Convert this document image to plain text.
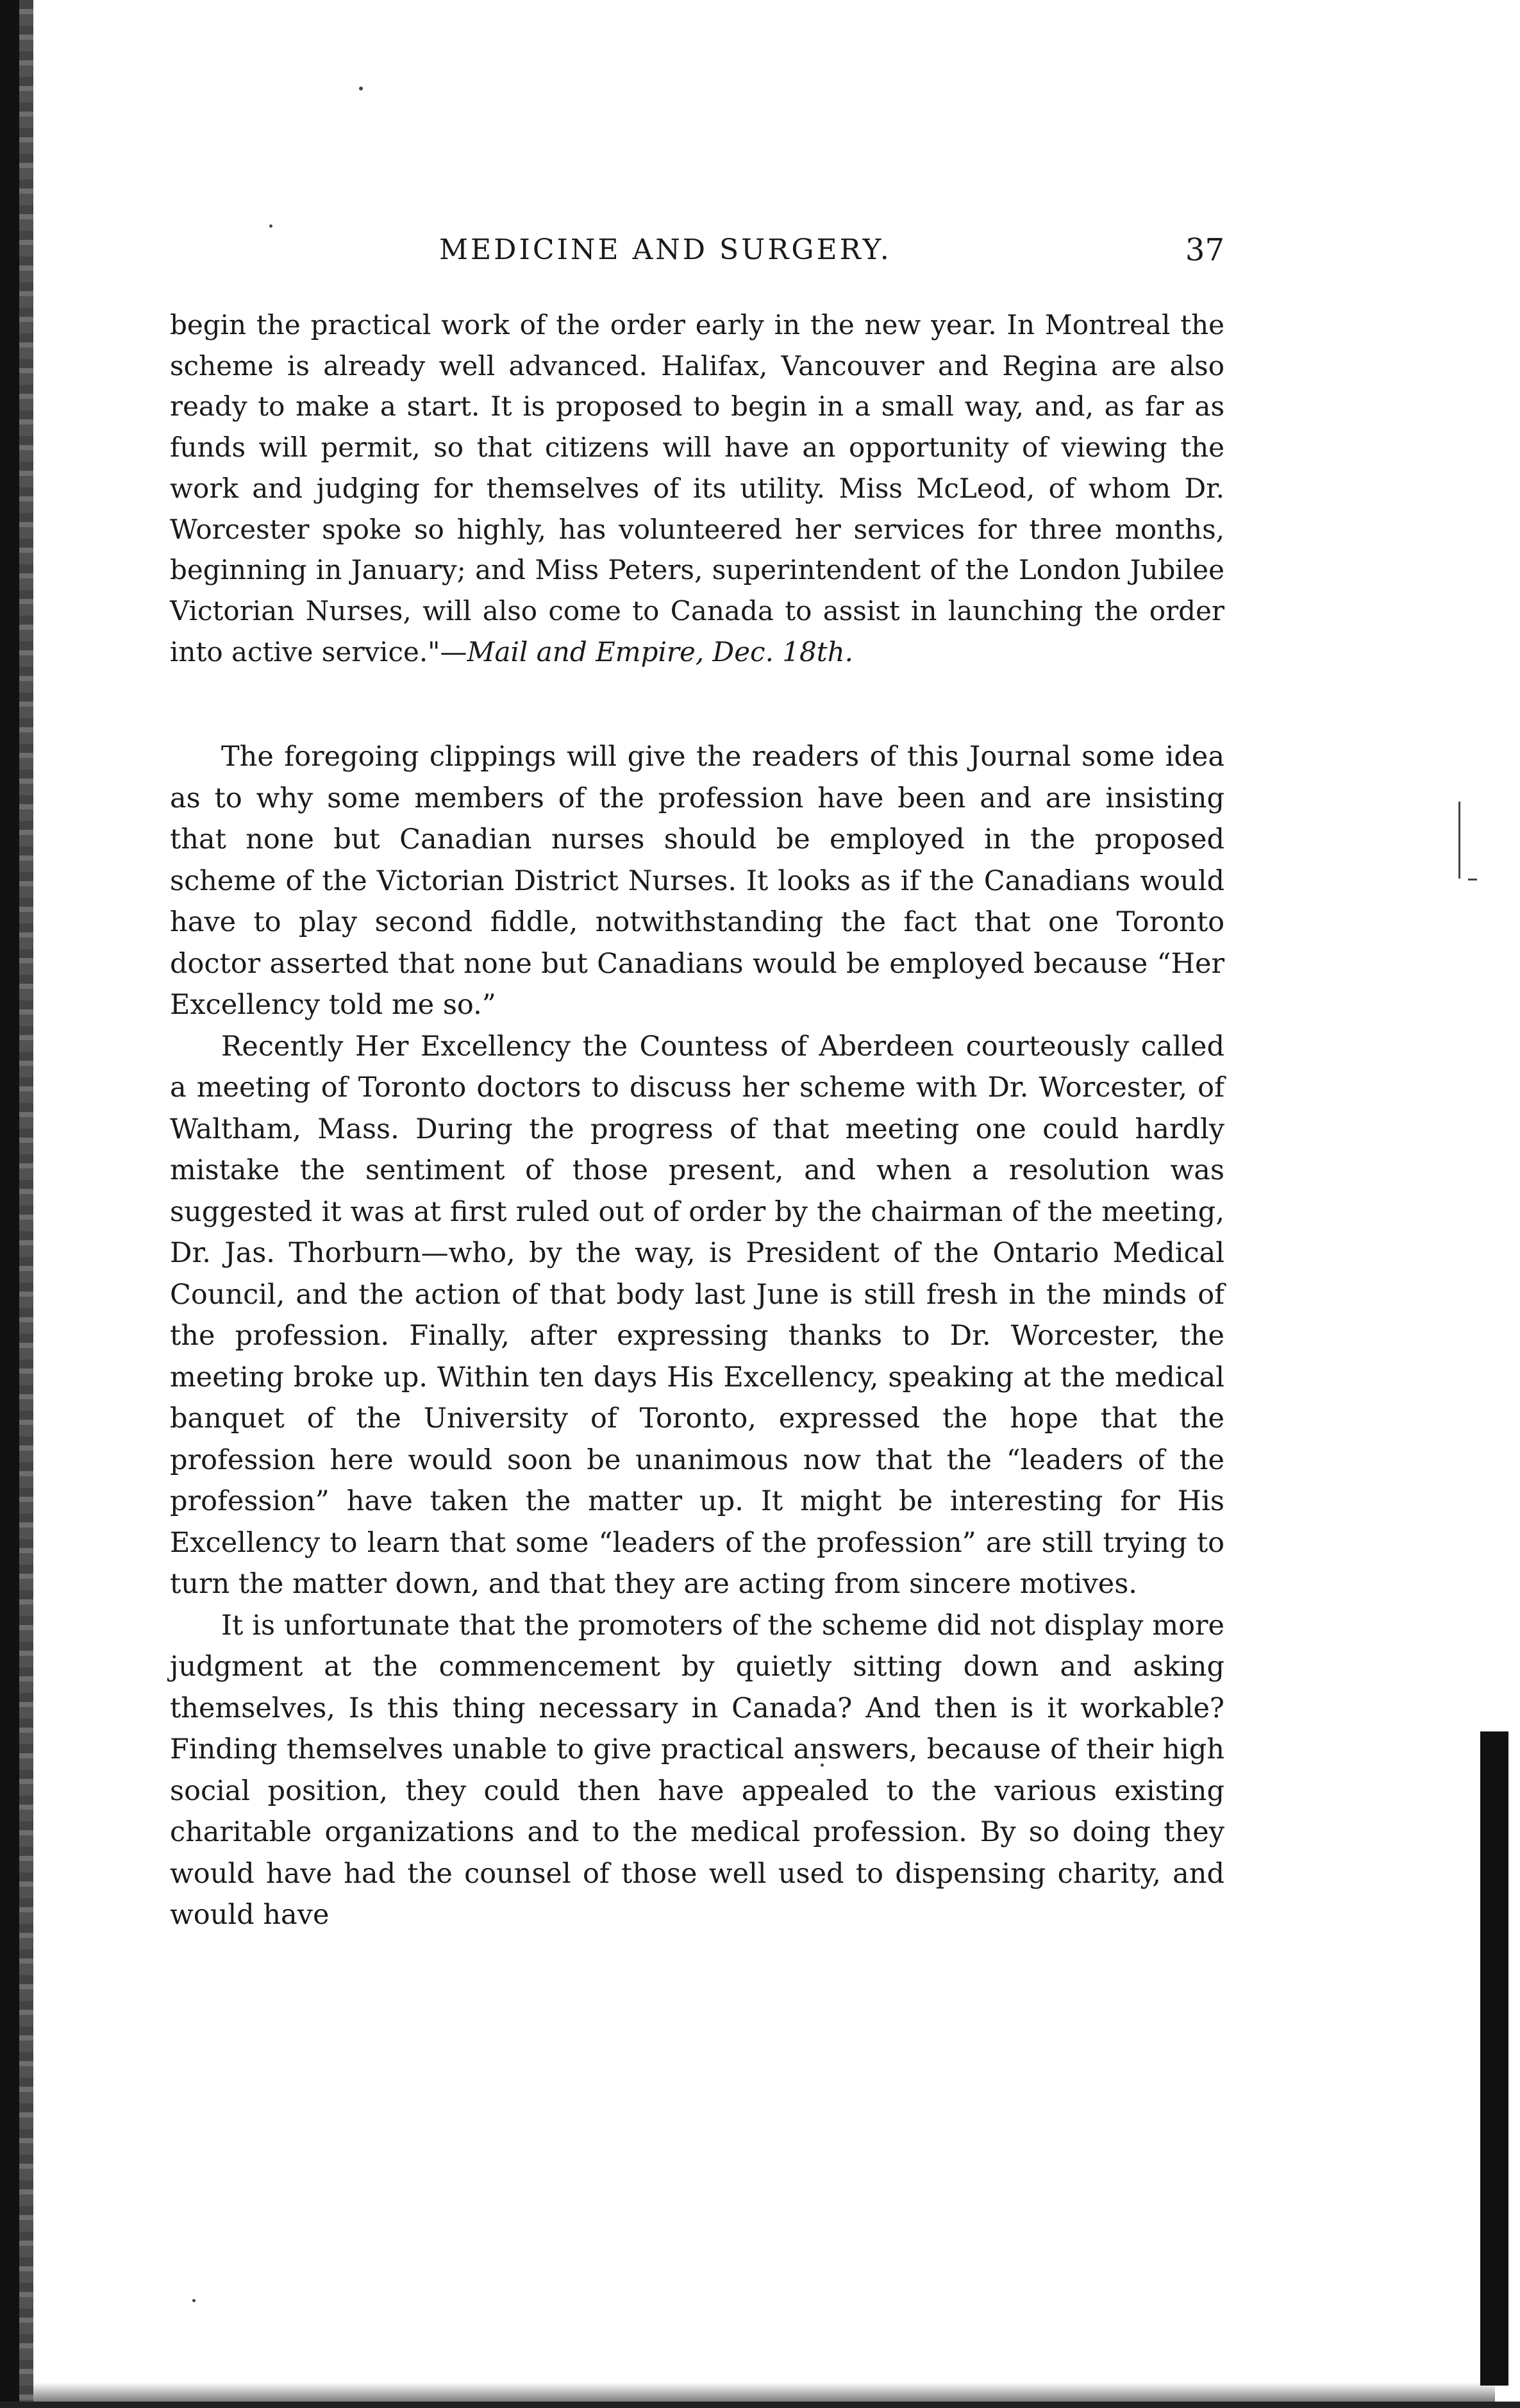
MEDICINE AND SURGERY.	37

begin the practical work of the order early in the new year. In Montreal the scheme is already well advanced. Halifax, Vancouver and Regina are also ready to make a start. It is proposed to begin in a small way, and, as far as funds will permit, so that citizens will have an opportunity of viewing the work and judging for themselves of its utility. Miss McLeod, of whom Dr. Worcester spoke so highly, has volunteered her services for three months, beginning in January; and Miss Peters, superintendent of the London Jubilee Victorian Nurses, will also come to Canada to assist in launching the order into active service."—Mail and Empire, Dec. 18th.

The foregoing clippings will give the readers of this Journal some idea as to why some members of the profession have been and are insisting that none but Canadian nurses should be employed in the proposed scheme of the Victorian District Nurses. It looks as if the Canadians would have to play second fiddle, notwithstanding the fact that one Toronto doctor asserted that none but Canadians would be employed because “Her Excellency told me so.”

Recently Her Excellency the Countess of Aberdeen courteously called a meeting of Toronto doctors to discuss her scheme with Dr. Worcester, of Waltham, Mass. During the progress of that meeting one could hardly mistake the sentiment of those present, and when a resolution was suggested it was at first ruled out of order by the chairman of the meeting, Dr. Jas. Thorburn—who, by the way, is President of the Ontario Medical Council, and the action of that body last June is still fresh in the minds of the profession. Finally, after expressing thanks to Dr. Worcester, the meeting broke up. Within ten days His Excellency, speaking at the medical banquet of the University of Toronto, expressed the hope that the profession here would soon be unanimous now that the “leaders of the profession” have taken the matter up. It might be interesting for His Excellency to learn that some “leaders of the profession” are still trying to turn the matter down, and that they are acting from sincere motives.

It is unfortunate that the promoters of the scheme did not display more judgment at the commencement by quietly sitting down and asking themselves, Is this thing necessary in Canada? And then is it workable? Finding themselves unable to give practical answers, because of their high social position, they could then have appealed to the various existing charitable organizations and to the medical profession. By so doing they would have had the counsel of those well used to dispensing charity, and would have
